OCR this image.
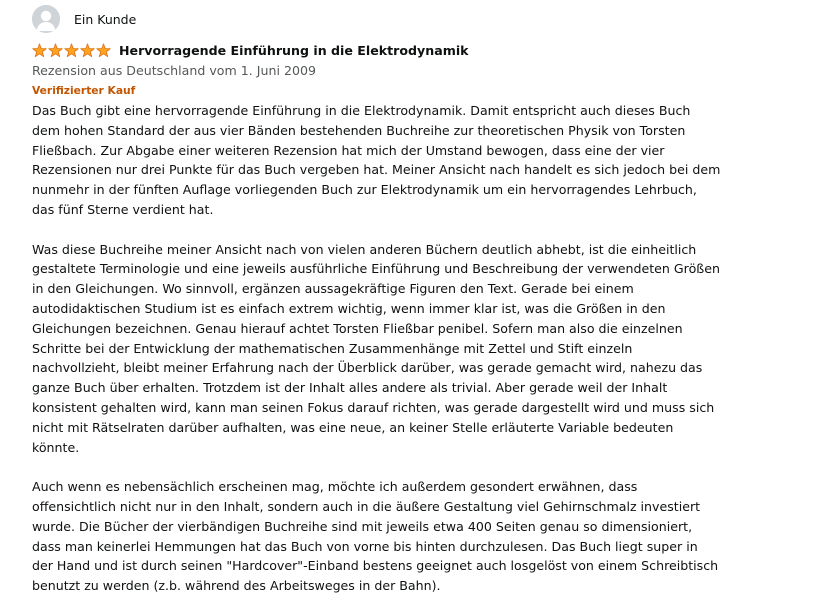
Ein Kunde
Hervorragende Einführung in die Elektrodynamik
Rezension aus Deutschland vom 1. Juni 2009
Verifizierter Kauf

Das Buch gibt eine hervorragende Einführung in die Elektrodynamik. Damit entspricht auch dieses Buch dem hohen Standard der aus vier Bänden bestehenden Buchreihe zur theoretischen Physik von Torsten Fließbach. Zur Abgabe einer weiteren Rezension hat mich der Umstand bewogen, dass eine der vier Rezensionen nur drei Punkte für das Buch vergeben hat. Meiner Ansicht nach handelt es sich jedoch bei dem nunmehr in der fünften Auflage vorliegenden Buch zur Elektrodynamik um ein hervorragendes Lehrbuch, das fünf Sterne verdient hat.

Was diese Buchreihe meiner Ansicht nach von vielen anderen Büchern deutlich abhebt, ist die einheitlich gestaltete Terminologie und eine jeweils ausführliche Einführung und Beschreibung der verwendeten Größen in den Gleichungen. Wo sinnvoll, ergänzen aussagekräftige Figuren den Text. Gerade bei einem autodidaktischen Studium ist es einfach extrem wichtig, wenn immer klar ist, was die Größen in den Gleichungen bezeichnen. Genau hierauf achtet Torsten Fließbar penibel. Sofern man also die einzelnen Schritte bei der Entwicklung der mathematischen Zusammenhänge mit Zettel und Stift einzeln nachvollzieht, bleibt meiner Erfahrung nach der Überblick darüber, was gerade gemacht wird, nahezu das ganze Buch über erhalten. Trotzdem ist der Inhalt alles andere als trivial. Aber gerade weil der Inhalt konsistent gehalten wird, kann man seinen Fokus darauf richten, was gerade dargestellt wird und muss sich nicht mit Rätselraten darüber aufhalten, was eine neue, an keiner Stelle erläuterte Variable bedeuten könnte.

Auch wenn es nebensächlich erscheinen mag, möchte ich außerdem gesondert erwähnen, dass offensichtlich nicht nur in den Inhalt, sondern auch in die äußere Gestaltung viel Gehirnschmalz investiert wurde. Die Bücher der vierbändigen Buchreihe sind mit jeweils etwa 400 Seiten genau so dimensioniert, dass man keinerlei Hemmungen hat das Buch von vorne bis hinten durchzulesen. Das Buch liegt super in der Hand und ist durch seinen "Hardcover"-Einband bestens geeignet auch losgelöst von einem Schreibtisch benutzt zu werden (z.b. während des Arbeitsweges in der Bahn).
